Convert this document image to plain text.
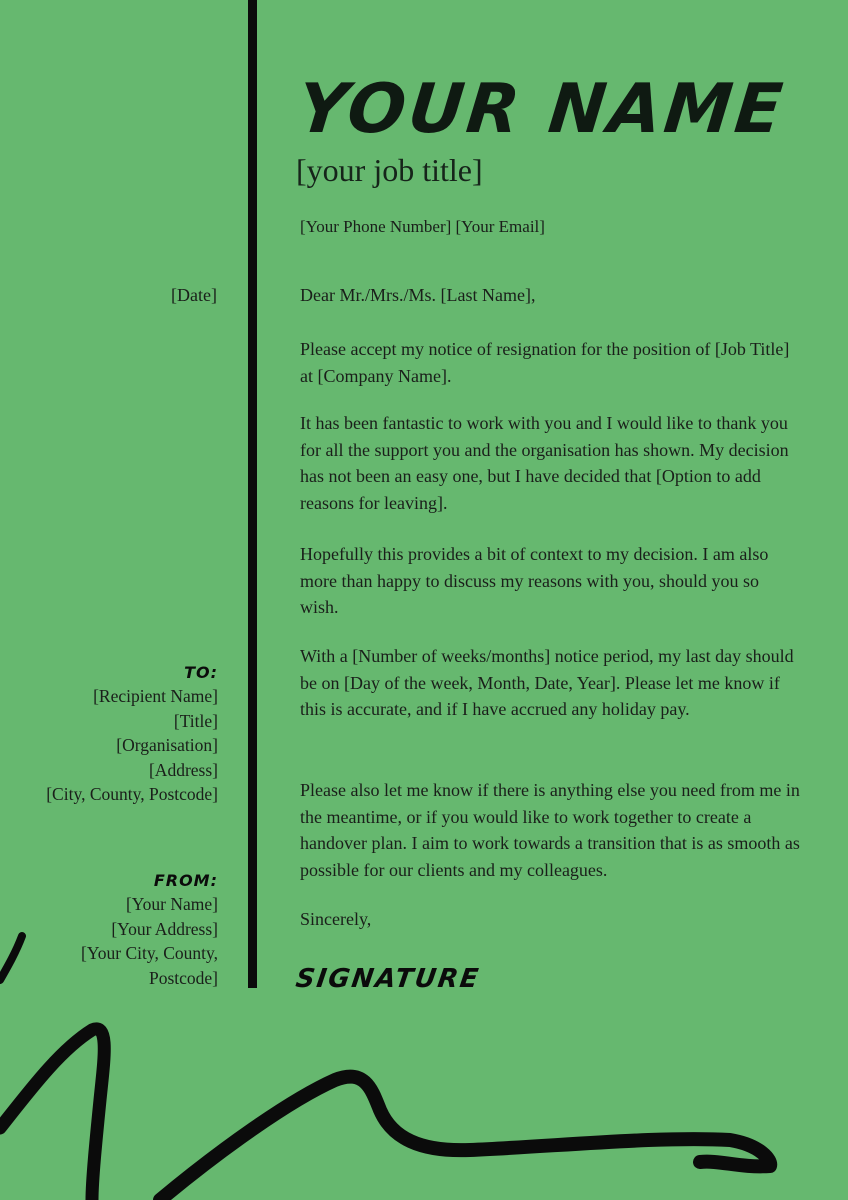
YOUR NAME
[your job title]
[Your Phone Number] [Your Email]
[Date]	Dear Mr./Mrs./Ms. [Last Name],

Please accept my notice of resignation for the position of [Job Title] at [Company Name].

It has been fantastic to work with you and I would like to thank you for all the support you and the organisation has shown. My decision has not been an easy one, but I have decided that [Option to add reasons for leaving].

Hopefully this provides a bit of context to my decision. I am also more than happy to discuss my reasons with you, should you so wish.

With a [Number of weeks/months] notice period, my last day should be on [Day of the week, Month, Date, Year]. Please let me know if this is accurate, and if I have accrued any holiday pay.

Please also let me know if there is anything else you need from me in the meantime, or if you would like to work together to create a handover plan. I aim to work towards a transition that is as smooth as possible for our clients and my colleagues.

Sincerely,

SIGNATURE
TO:
[Recipient Name]
[Title]
[Organisation]
[Address]
[City, County, Postcode]
FROM:
[Your Name]
[Your Address]
[Your City, County,
Postcode]
